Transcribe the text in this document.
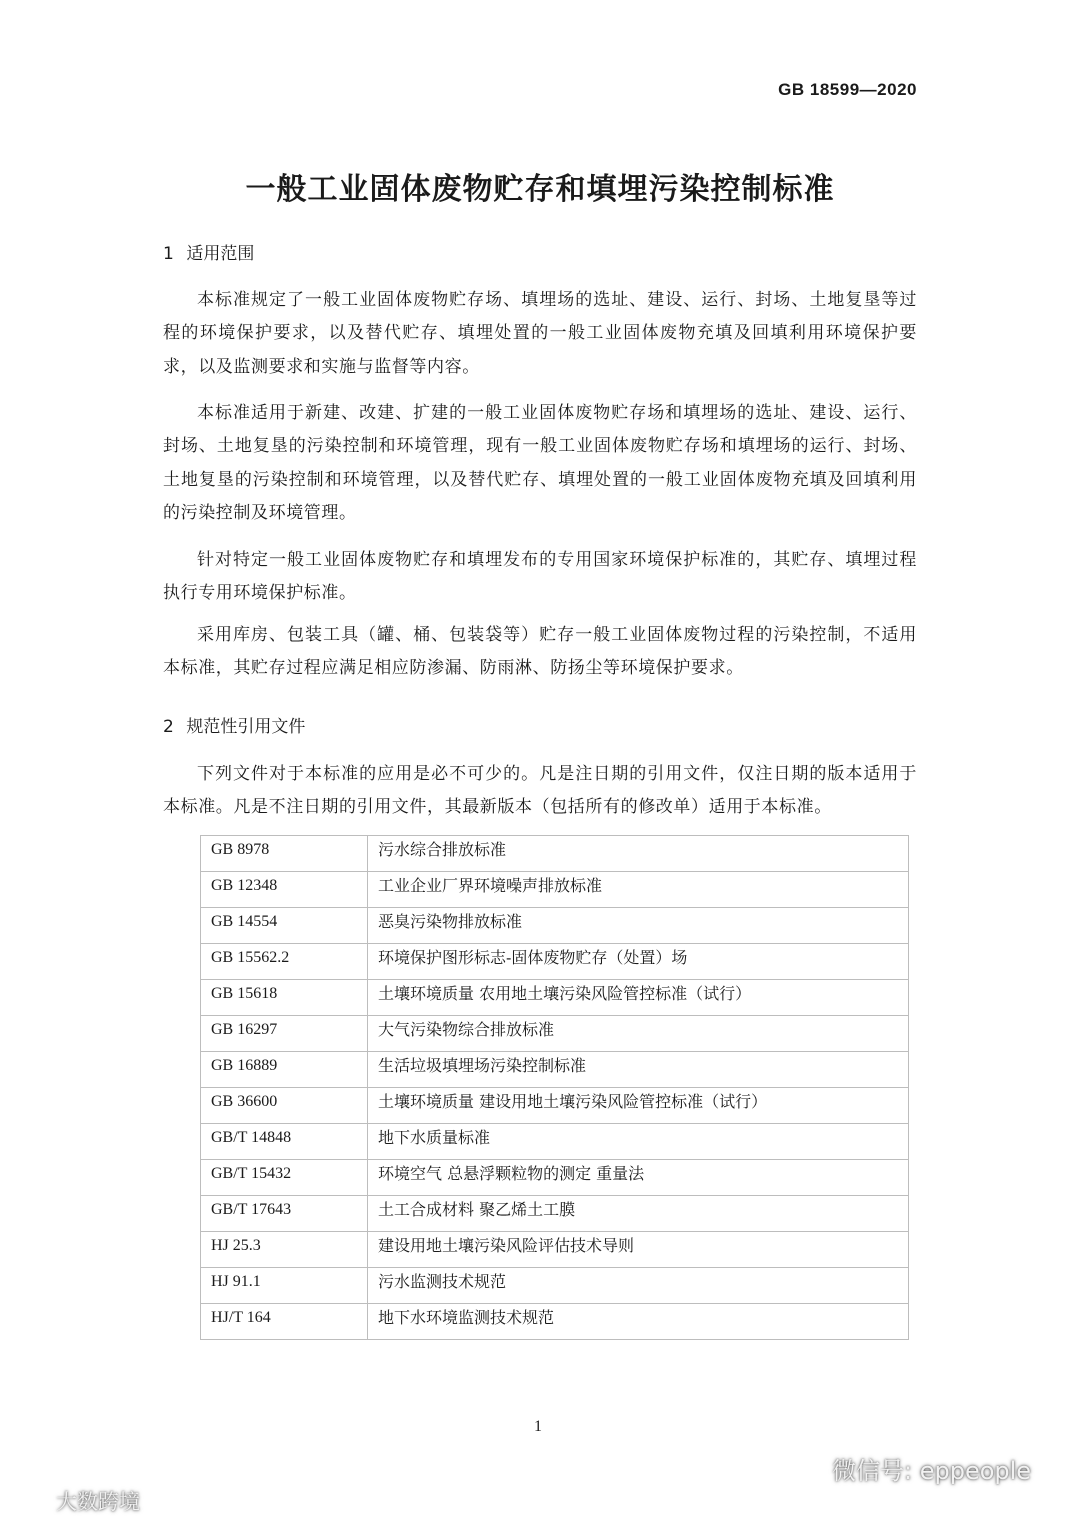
GB 18599—2020
一般工业固体废物贮存和填埋污染控制标准
1 适用范围

本标准规定了一般工业固体废物贮存场、填埋场的选址、建设、运行、封场、土地复垦等过程的环境保护要求，以及替代贮存、填埋处置的一般工业固体废物充填及回填利用环境保护要求，以及监测要求和实施与监督等内容。

本标准适用于新建、改建、扩建的一般工业固体废物贮存场和填埋场的选址、建设、运行、封场、土地复垦的污染控制和环境管理，现有一般工业固体废物贮存场和填埋场的运行、封场、土地复垦的污染控制和环境管理，以及替代贮存、填埋处置的一般工业固体废物充填及回填利用的污染控制及环境管理。

针对特定一般工业固体废物贮存和填埋发布的专用国家环境保护标准的，其贮存、填埋过程执行专用环境保护标准。

采用库房、包装工具（罐、桶、包装袋等）贮存一般工业固体废物过程的污染控制，不适用本标准，其贮存过程应满足相应防渗漏、防雨淋、防扬尘等环境保护要求。

2 规范性引用文件

下列文件对于本标准的应用是必不可少的。凡是注日期的引用文件，仅注日期的版本适用于本标准。凡是不注日期的引用文件，其最新版本（包括所有的修改单）适用于本标准。

GB 8978	污水综合排放标准
GB 12348	工业企业厂界环境噪声排放标准
GB 14554	恶臭污染物排放标准
GB 15562.2	环境保护图形标志-固体废物贮存（处置）场
GB 15618	土壤环境质量 农用地土壤污染风险管控标准（试行）
GB 16297	大气污染物综合排放标准
GB 16889	生活垃圾填埋场污染控制标准
GB 36600	土壤环境质量 建设用地土壤污染风险管控标准（试行）
GB/T 14848	地下水质量标准
GB/T 15432	环境空气 总悬浮颗粒物的测定 重量法
GB/T 17643	土工合成材料 聚乙烯土工膜
HJ 25.3	建设用地土壤污染风险评估技术导则
HJ 91.1	污水监测技术规范
HJ/T 164	地下水环境监测技术规范
1
微信号: eppeople
大数跨境
